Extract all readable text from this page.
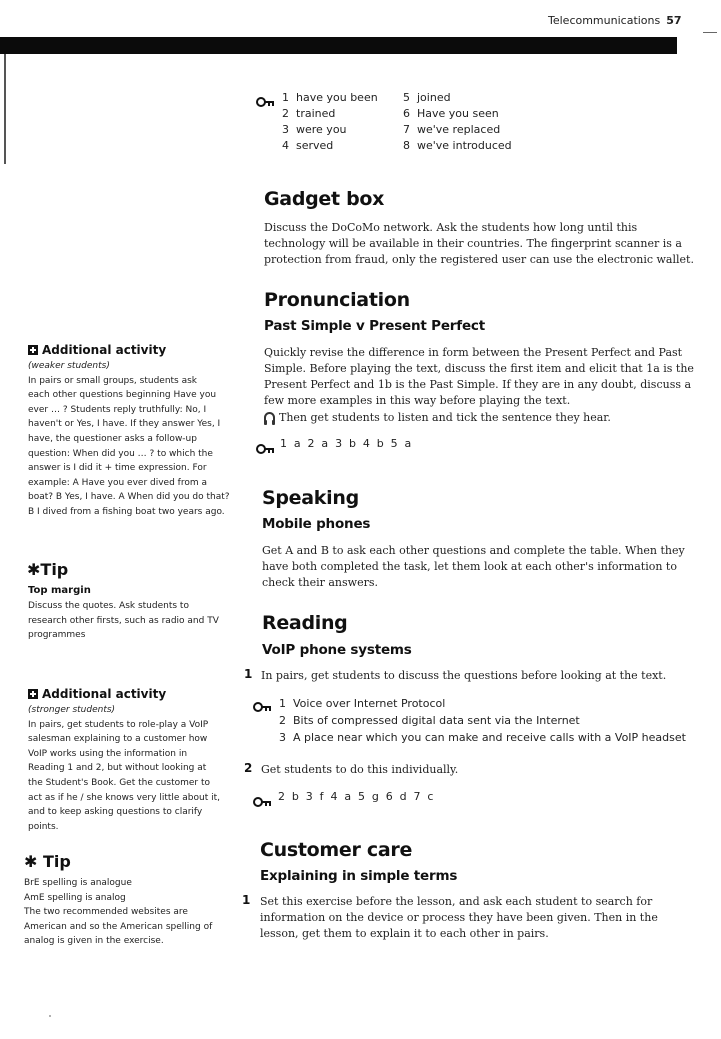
Telecommunications 57
1 have you been
2 trained
3 were you
4 served
5 joined
6 Have you seen
7 we've replaced
8 we've introduced
Gadget box
Discuss the DoCoMo network. Ask the students how long until this
technology will be available in their countries. The fingerprint scanner is a
protection from fraud, only the registered user can use the electronic wallet.
Pronunciation
Past Simple v Present Perfect
Quickly revise the difference in form between the Present Perfect and Past
Simple. Before playing the text, discuss the first item and elicit that 1a is the
Present Perfect and 1b is the Past Simple. If they are in any doubt, discuss a
few more examples in this way before playing the text.
Then get students to listen and tick the sentence they hear.
1 a 2 a 3 b 4 b 5 a
Speaking
Mobile phones
Get A and B to ask each other questions and complete the table. When they
have both completed the task, let them look at each other's information to
check their answers.
Reading
VoIP phone systems
1 In pairs, get students to discuss the questions before looking at the text.
1 Voice over Internet Protocol
2 Bits of compressed digital data sent via the Internet
3 A place near which you can make and receive calls with a VoIP headset
2 Get students to do this individually.
2 b 3 f 4 a 5 g 6 d 7 c
Customer care
Explaining in simple terms
1 Set this exercise before the lesson, and ask each student to search for
information on the device or process they have been given. Then in the
lesson, get them to explain it to each other in pairs.
Additional activity
(weaker students)
In pairs or small groups, students ask
each other questions beginning Have you
ever … ? Students reply truthfully: No, I
haven't or Yes, I have. If they answer Yes, I
have, the questioner asks a follow-up
question: When did you … ? to which the
answer is I did it + time expression. For
example: A Have you ever dived from a
boat? B Yes, I have. A When did you do that?
B I dived from a fishing boat two years ago.
✱Tip
Top margin
Discuss the quotes. Ask students to
research other firsts, such as radio and TV
programmes
Additional activity
(stronger students)
In pairs, get students to role-play a VoIP
salesman explaining to a customer how
VoIP works using the information in
Reading 1 and 2, but without looking at
the Student's Book. Get the customer to
act as if he / she knows very little about it,
and to keep asking questions to clarify
points.
✱ Tip
BrE spelling is analogue
AmE spelling is analog
The two recommended websites are
American and so the American spelling of
analog is given in the exercise.
